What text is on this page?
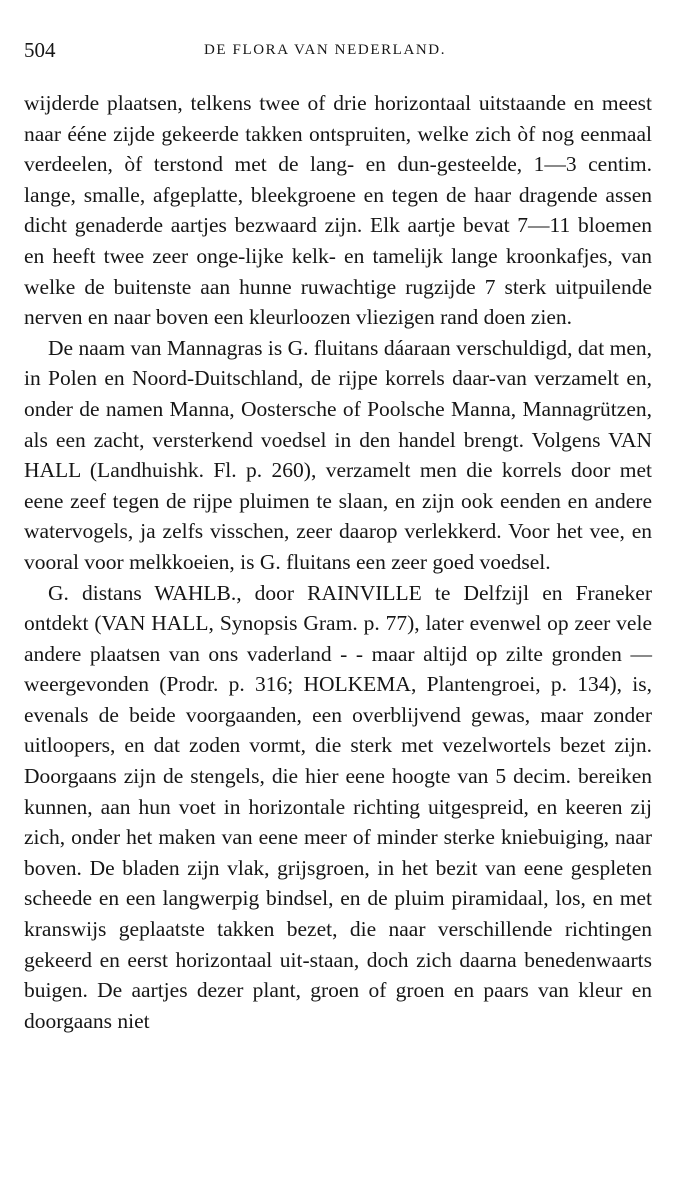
504	DE FLORA VAN NEDERLAND.

wijderde plaatsen, telkens twee of drie horizontaal uitstaande en meest naar ééne zijde gekeerde takken ontspruiten, welke zich òf nog eenmaal verdeelen, òf terstond met de lang- en dun-gesteelde, 1—3 centim. lange, smalle, afgeplatte, bleekgroene en tegen de haar dragende assen dicht genaderde aartjes bezwaard zijn. Elk aartje bevat 7—11 bloemen en heeft twee zeer onge-lijke kelk- en tamelijk lange kroonkafjes, van welke de buitenste aan hunne ruwachtige rugzijde 7 sterk uitpuilende nerven en naar boven een kleurloozen vliezigen rand doen zien.

De naam van Mannagras is G. fluitans dáaraan verschuldigd, dat men, in Polen en Noord-Duitschland, de rijpe korrels daar-van verzamelt en, onder de namen Manna, Oostersche of Poolsche Manna, Mannagrützen, als een zacht, versterkend voedsel in den handel brengt. Volgens VAN HALL (Landhuishk. Fl. p. 260), verzamelt men die korrels door met eene zeef tegen de rijpe pluimen te slaan, en zijn ook eenden en andere watervogels, ja zelfs visschen, zeer daarop verlekkerd. Voor het vee, en vooral voor melkkoeien, is G. fluitans een zeer goed voedsel.

G. distans WAHLB., door RAINVILLE te Delfzijl en Franeker ontdekt (VAN HALL, Synopsis Gram. p. 77), later evenwel op zeer vele andere plaatsen van ons vaderland - - maar altijd op zilte gronden — weergevonden (Prodr. p. 316; HOLKEMA, Plantengroei, p. 134), is, evenals de beide voorgaanden, een overblijvend gewas, maar zonder uitloopers, en dat zoden vormt, die sterk met vezelwortels bezet zijn. Doorgaans zijn de stengels, die hier eene hoogte van 5 decim. bereiken kunnen, aan hun voet in horizontale richting uitgespreid, en keeren zij zich, onder het maken van eene meer of minder sterke kniebuiging, naar boven. De bladen zijn vlak, grijsgroen, in het bezit van eene gespleten scheede en een langwerpig bindsel, en de pluim piramidaal, los, en met kranswijs geplaatste takken bezet, die naar verschillende richtingen gekeerd en eerst horizontaal uit-staan, doch zich daarna benedenwaarts buigen. De aartjes dezer plant, groen of groen en paars van kleur en doorgaans niet
